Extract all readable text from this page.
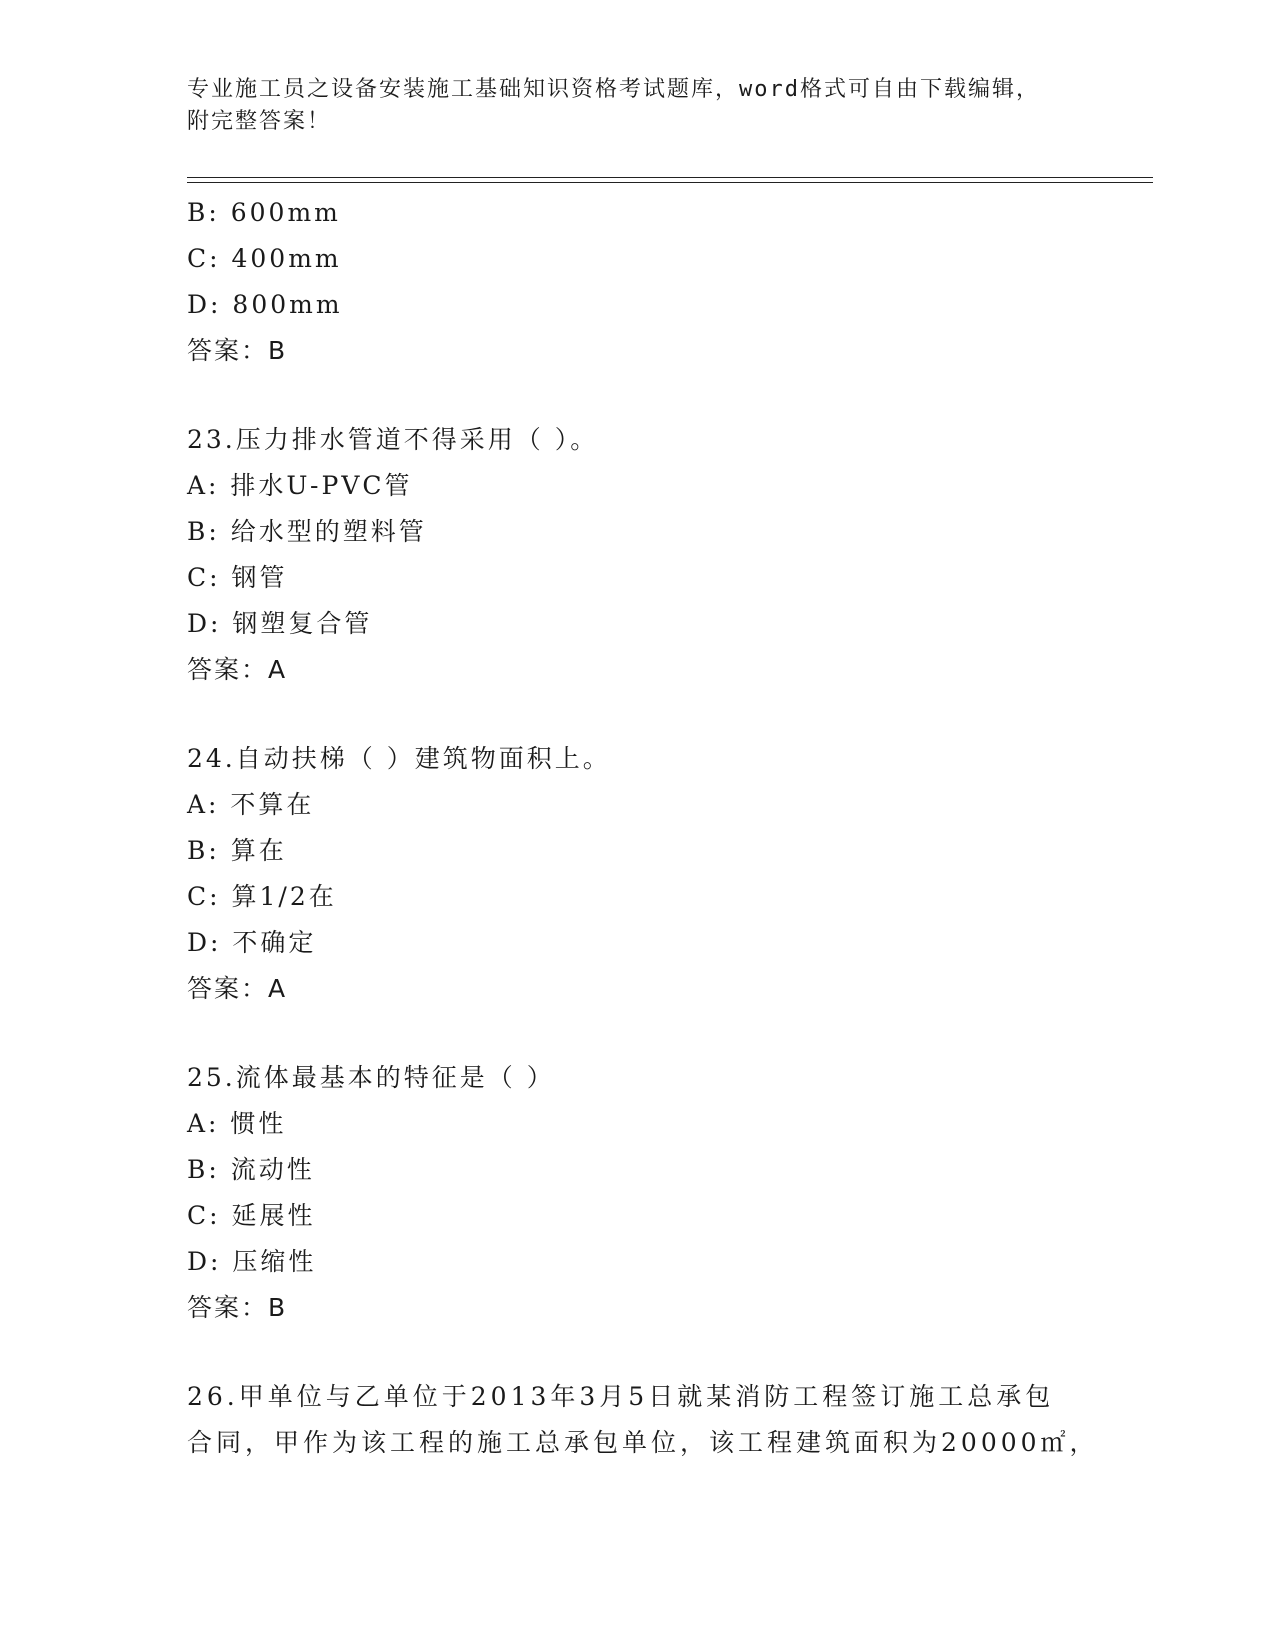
专业施工员之设备安装施工基础知识资格考试题库，word格式可自由下载编辑，
附完整答案！
B: 600mm
C: 400mm
D: 800mm
答案：B
23.压力排水管道不得采用（ ）。
A: 排水U-PVC管
B: 给水型的塑料管
C: 钢管
D: 钢塑复合管
答案：A
24.自动扶梯（ ）建筑物面积上。
A: 不算在
B: 算在
C: 算1/2在
D: 不确定
答案：A
25.流体最基本的特征是（ ）
A: 惯性
B: 流动性
C: 延展性
D: 压缩性
答案：B
26.甲单位与乙单位于2013年3月5日就某消防工程签订施工总承包
合同，甲作为该工程的施工总承包单位，该工程建筑面积为20000㎡，
